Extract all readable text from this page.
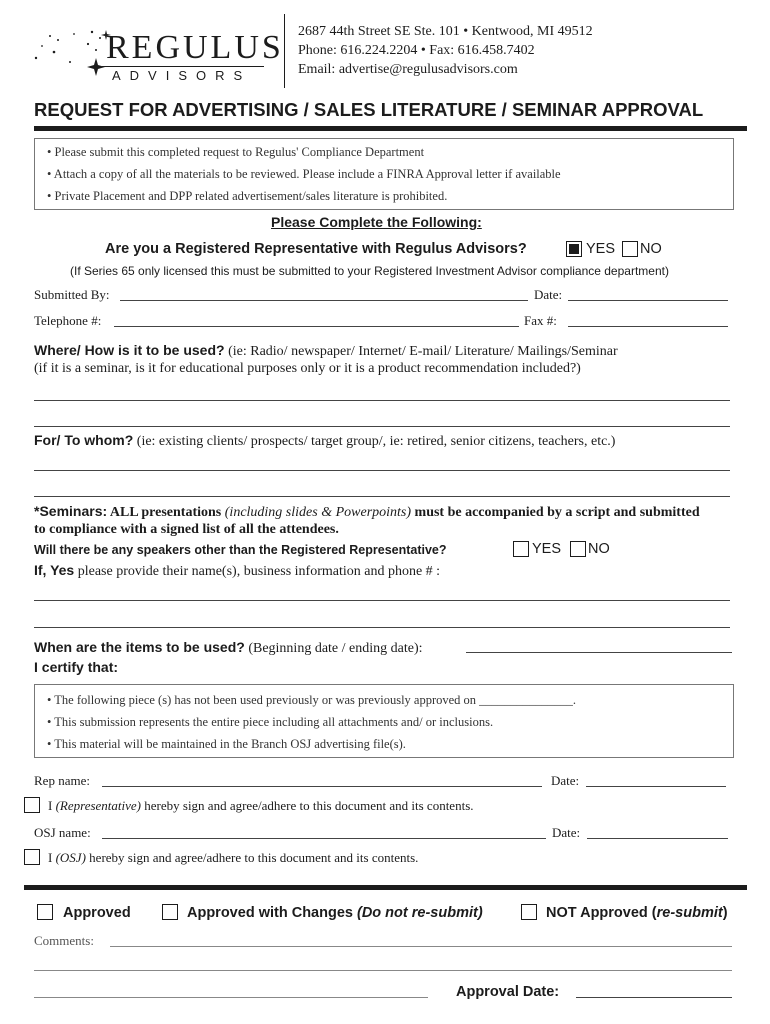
REGULUS
ADVISORS
2687 44th Street SE Ste. 101 • Kentwood, MI 49512
Phone: 616.224.2204 • Fax: 616.458.7402
Email: advertise@regulusadvisors.com
REQUEST FOR ADVERTISING / SALES LITERATURE / SEMINAR APPROVAL
• Please submit this completed request to Regulus' Compliance Department
• Attach a copy of all the materials to be reviewed. Please include a FINRA Approval letter if available
• Private Placement and DPP related advertisement/sales literature is prohibited.
Please Complete the Following:
Are you a Registered Representative with Regulus Advisors?	YES NO
(If Series 65 only licensed this must be submitted to your Registered Investment Advisor compliance department)
Submitted By:	Date:
Telephone #:	Fax #:
Where/ How is it to be used? (ie: Radio/ newspaper/ Internet/ E-mail/ Literature/ Mailings/Seminar
(if it is a seminar, is it for educational purposes only or it is a product recommendation included?)
For/ To whom? (ie: existing clients/ prospects/ target group/, ie: retired, senior citizens, teachers, etc.)
*Seminars: ALL presentations (including slides & Powerpoints) must be accompanied by a script and submitted
to compliance with a signed list of all the attendees.
Will there be any speakers other than the Registered Representative?	YES NO
If, Yes please provide their name(s), business information and phone # :
When are the items to be used? (Beginning date / ending date):
I certify that:
• The following piece (s) has not been used previously or was previously approved on _______________.
• This submission represents the entire piece including all attachments and/ or inclusions.
• This material will be maintained in the Branch OSJ advertising file(s).
Rep name:	Date:
I (Representative) hereby sign and agree/adhere to this document and its contents.
OSJ name:	Date:
I (OSJ) hereby sign and agree/adhere to this document and its contents.
Approved	Approved with Changes (Do not re-submit)	NOT Approved (re-submit)
Comments:
Approval Date:
